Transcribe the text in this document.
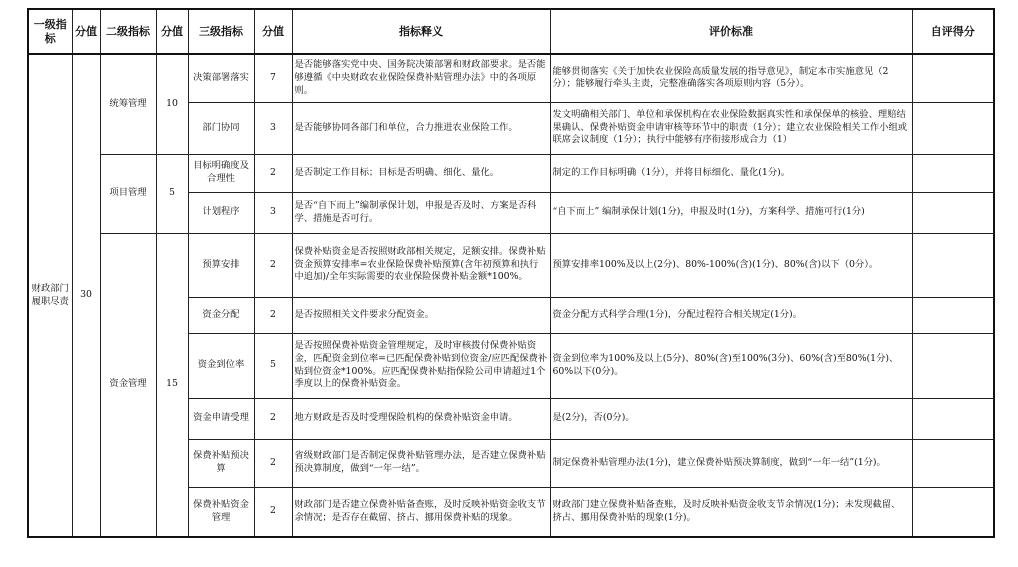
一级指标	分值	二级指标	分值	三级指标	分值	指标释义	评价标准	自评得分
财政部门履职尽责	30	统筹管理	10	决策部署落实	7	是否能够落实党中央、国务院决策部署和财政部要求。是否能够遵循《中央财政农业保险保费补贴管理办法》中的各项原则。	能够贯彻落实《关于加快农业保险高质量发展的指导意见》，制定本市实施意见（2分）；能够履行牵头主责，完整准确落实各项原则内容（5分）。	
				部门协同	3	是否能够协同各部门和单位，合力推进农业保险工作。	发文明确相关部门、单位和承保机构在农业保险数据真实性和承保保单的核验、理赔结果确认、保费补贴资金申请审核等环节中的职责（1分）；建立农业保险相关工作小组或联席会议制度（1分）；执行中能够有序衔接形成合力（1）	

		项目管理	5	目标明确度及合理性	2	是否制定工作目标；目标是否明确、细化、量化。	制定的工作目标明确（1分），并将目标细化、量化(1分)。	
				计划程序	3	是否“自下而上”编制承保计划，申报是否及时、方案是否科学、措施是否可行。	“自下而上” 编制承保计划(1分)，申报及时(1分)，方案科学、措施可行(1分)	
		资金管理	15	预算安排	2	保费补贴资金是否按照财政部相关规定，足额安排。保费补贴资金预算安排率=农业保险保费补贴预算(含年初预算和执行中追加)/全年实际需要的农业保险保费补贴金额*100%。	预算安排率100%及以上(2分)、80%-100%(含)(1分)、80%(含)以下（0分）。	
				资金分配	2	是否按照相关文件要求分配资金。	资金分配方式科学合理(1分)，分配过程符合相关规定(1分)。	
				资金到位率	5	是否按照保费补贴资金管理规定，及时审核拨付保费补贴资金，匹配资金到位率=已匹配保费补贴到位资金/应匹配保费补贴到位资金*100%。应匹配保费补贴指保险公司申请超过1个季度以上的保费补贴资金。	资金到位率为100%及以上(5分)、80%(含)至100%(3分)、60%(含)至80%(1分)、60%以下(0分)。	
				资金申请受理	2	地方财政是否及时受理保险机构的保费补贴资金申请。	是(2分)，否(0分)。	
				保费补贴预决算	2	省级财政部门是否制定保费补贴管理办法，是否建立保费补贴预决算制度，做到“一年一结”。	制定保费补贴管理办法(1分)，建立保费补贴预决算制度，做到“一年一结”(1分)。	
				保费补贴资金管理	2	财政部门是否建立保费补贴备查账，及时反映补贴资金收支节余情况；是否存在截留、挤占、挪用保费补贴的现象。	财政部门建立保费补贴备查账，及时反映补贴资金收支节余情况(1分)；未发现截留、挤占、挪用保费补贴的现象(1分)。	
